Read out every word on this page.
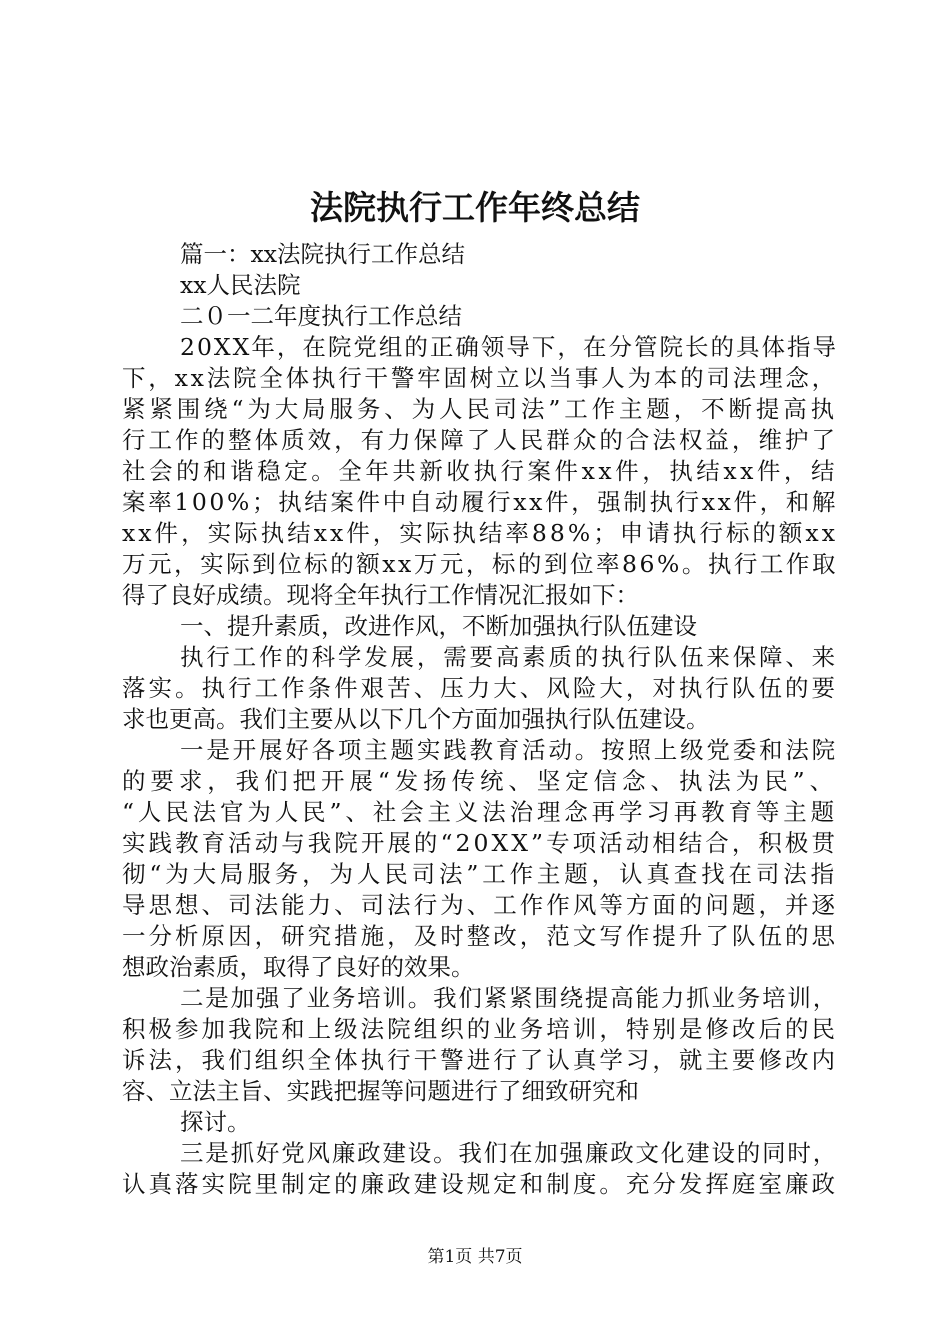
法院执行工作年终总结
篇一：xx法院执行工作总结
xx人民法院
二０一二年度执行工作总结
20XX年，在院党组的正确领导下，在分管院长的具体指导
下，xx法院全体执行干警牢固树立以当事人为本的司法理念，
紧紧围绕“为大局服务、为人民司法”工作主题，不断提高执
行工作的整体质效，有力保障了人民群众的合法权益，维护了
社会的和谐稳定。全年共新收执行案件xx件，执结xx件，结
案率100%；执结案件中自动履行xx件，强制执行xx件，和解
xx件，实际执结xx件，实际执结率88%；申请执行标的额xx
万元，实际到位标的额xx万元，标的到位率86%。执行工作取
得了良好成绩。现将全年执行工作情况汇报如下：
一、提升素质，改进作风，不断加强执行队伍建设
执行工作的科学发展，需要高素质的执行队伍来保障、来
落实。执行工作条件艰苦、压力大、风险大，对执行队伍的要
求也更高。我们主要从以下几个方面加强执行队伍建设。
一是开展好各项主题实践教育活动。按照上级党委和法院
的要求，我们把开展“发扬传统、坚定信念、执法为民”、
“人民法官为人民”、社会主义法治理念再学习再教育等主题
实践教育活动与我院开展的“20XX”专项活动相结合，积极贯
彻“为大局服务，为人民司法”工作主题，认真查找在司法指
导思想、司法能力、司法行为、工作作风等方面的问题，并逐
一分析原因，研究措施，及时整改，范文写作提升了队伍的思
想政治素质，取得了良好的效果。
二是加强了业务培训。我们紧紧围绕提高能力抓业务培训，
积极参加我院和上级法院组织的业务培训，特别是修改后的民
诉法，我们组织全体执行干警进行了认真学习，就主要修改内
容、立法主旨、实践把握等问题进行了细致研究和
探讨。
三是抓好党风廉政建设。我们在加强廉政文化建设的同时，
认真落实院里制定的廉政建设规定和制度。充分发挥庭室廉政
第1页 共7页
